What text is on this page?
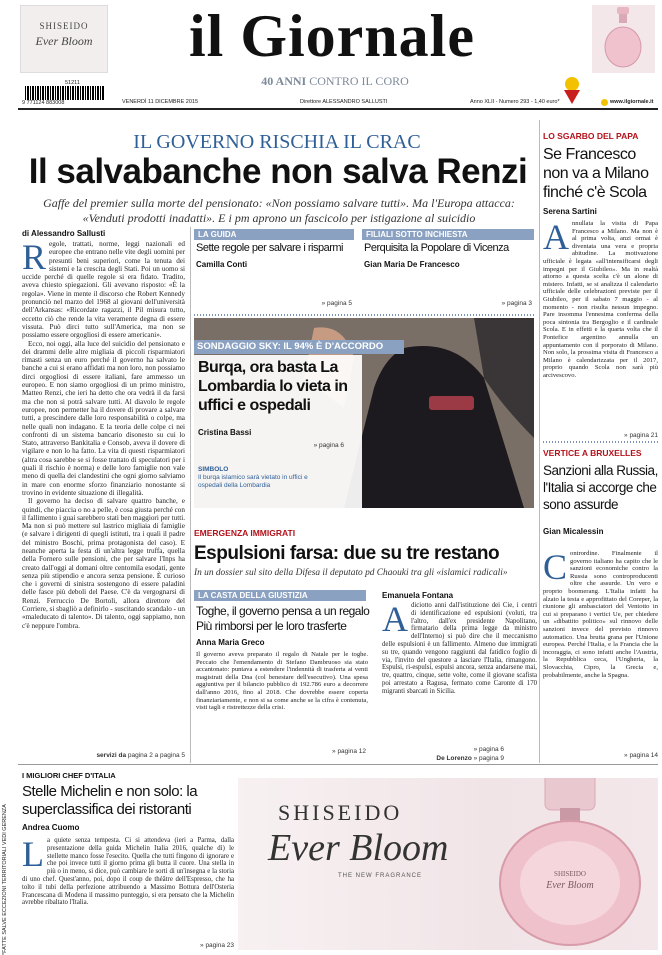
SHISEIDO
Ever Bloom	il Giornale
40 ANNI CONTRO IL CORO
51211
9 771124 883008	VENERDÌ 11 DICEMBRE 2015	Direttore ALESSANDRO SALLUSTI	Anno XLII - Numero 293 - 1,40 euro*	www.ilgiornale.it
IL GOVERNO RISCHIA IL CRAC
Il salvabanche non salva Renzi
Gaffe del premier sulla morte del pensionato: «Non possiamo salvare tutti». Ma l'Europa attacca: «Venduti prodotti inadatti». E i pm aprono un fascicolo per istigazione al suicidio
di Alessandro Sallusti
Regole, trattati, norme, leggi nazionali ed europee che entrano nelle vite degli uomini per presunti beni superiori, come la tenuta dei sistemi e la crescita degli Stati. Poi un uomo si uccide perché di quelle regole si era fidato. Tradito, aveva chiesto spiegazioni. Gli avevano risposto: «È la regola». Viene in mente il discorso che Robert Kennedy pronunciò nel marzo del 1968 al giovani dell'università dell'Arkansas: «Ricordate ragazzi, il Pil misura tutto, eccetto ciò che rende la vita veramente degna di essere vissuta. Può dirci tutto sull'America, ma non se possiamo essere orgogliosi di essere americani».

Ecco, noi oggi, alla luce del suicidio del pensionato e dei drammi delle altre migliaia di piccoli risparmiatori rimasti senza un euro perché il governo ha salvato le banche a cui si erano affidati ma non loro, non possiamo dirci orgogliosi di essere italiani, fare ammesso un europeo. E non siamo orgogliosi di un primo ministro, Matteo Renzi, che ieri ha detto che ora vedrà il da farsi ma che non si potrà salvare tutti. Al diavolo le regole europee, non permetter ha il dovere di provare a salvare tutti, a prescindere dalle loro responsabilità o colpe, ma nelle quali non indagano. E la teoria delle colpe ci nei confronti di un sistema bancario disonesto su cui lo Stato, attraverso Bankitalia e Consob, aveva il dovere di vigilare e non lo ha fatto. La vita di questi risparmiatori (altra cosa sarebbe se si fosse trattato di speculatori per i quali il rischio è norma) e delle loro famiglie non vale meno di quella dei clandestini che ogni giorno salviamo in mare con enorme sforzo finanziario nonostante si trovino in evidente situazione di illegalità.

Il governo ha deciso di salvare quattro banche, e quindi, che piaccia o no a pelle, è cosa giusta perché con il fallimento i guai sarebbero stati ben maggiori per tutti. Ma non si può mettere sul lastrico migliaia di famiglie (e salvare i dirigenti di quegli istituti, tra i quali il padre del ministro Boschi, prima protagonista del caso). E neanche aperta la festa di un'altra legge truffa, quella della Fornero sulle pensioni, che per salvare l'Inps ha creato dall'oggi al domani oltre centomila esodati, gente senza più stipendio e ancora senza pensione. È curioso che i governi di sinistra sostengono di essere paladini delle fasce più deboli del Paese. C'è da vergognarsi di Renzi. Ferruccio De Bortoli, allora direttore del Corriere, si sbagliò a definirlo - suscitando scandalo - un «maleducato di talento». Di talento, oggi sappiamo, non c'è neppure l'ombra.

servizi da pagina 2 a pagina 5
LA GUIDA
Sette regole per salvare i risparmi
Camilla Conti
» pagina 5
FILIALI SOTTO INCHIESTA
Perquisita la Popolare di Vicenza
Gian Maria De Francesco
» pagina 3
SONDAGGIO SKY: IL 94% È D'ACCORDO
Burqa, ora basta La Lombardia lo vieta in uffici e ospedali
Cristina Bassi
» pagina 6
SIMBOLO
Il burqa islamico sarà vietato in uffici e ospedali della Lombardia
EMERGENZA IMMIGRATI
Espulsioni farsa: due su tre restano
In un dossier sul sito della Difesa il deputato pd Chaouki tra gli «islamici radicali»
LA CASTA DELLA GIUSTIZIA
Toghe, il governo pensa a un regalo Più rimborsi per le loro trasferte
Anna Maria Greco
Il governo aveva preparato il regalo di Natale per le toghe. Peccato che l'emendamento di Stefano Dambruoso sia stato accantonato: puntava a estendere l'indennità di trasferta ai venti magistrati della Dna (col benestare dell'esecutivo). Una spesa aggiuntiva per il bilancio pubblico di 192.786 euro a decorrere dall'anno 2016, fino al 2018. Che dovrebbe essere coperta finanziariamente, e non si sa come anche se la cifra è contenuta, visti tagli e ristrettezze della crisi.
» pagina 12
Emanuela Fontana
Adiciotto anni dall'istituzione dei Cie, i centri di identificazione ed espulsioni (voluti, tra l'altro, dall'ex presidente Napolitano, firmatario della prima legge da ministro dell'Interno) si può dire che il meccanismo delle espulsioni è un fallimento. Almeno due immigrati su tre, quando vengono raggiunti dal fatidico foglio di via, l'invito del questore a lasciare l'Italia, rimangono. Espulsi, ri-espulsi, espulsi ancora, senza andarsene mai, tre, quattro, cinque, sette volte, come il giovane scafista poi arrestato a Ragusa, fermato come Caronte di 170 migranti sbarcati in Sicilia.
» pagina 6
De Lorenzo » pagina 9
LO SGARBO DEL PAPA
Se Francesco non va a Milano finché c'è Scola
Serena Sartini
Annullata la visita di Papa Francesco a Milano. Ma non è al prima volta, anzi ormai è diventata una vera e propria abitudine. La motivazione ufficiale è legata «all'intensificarsi degli impegni per il Giubileo». Ma in realtà attorno a questa scelta c'è un alone di mistero. Infatti, se si analizza il calendario ufficiale delle celebrazioni previste per il Giubileo, per il sabato 7 maggio - al momento - non risulta nessun impegno. Pare insomma l'ennesima conferma della poca sintonia tra Bergoglio e il cardinale Scola. E in effetti e la quarta volta che il Pontefice argentino annulla un appuntamento con il porporato di Milano. Non solo, la prossima visita di Francesco a Milano è calendarizzata per il 2017, proprio quando Scola non sarà più arcivescovo.
» pagina 21
VERTICE A BRUXELLES
Sanzioni alla Russia, l'Italia si accorge che sono assurde
Gian Micalessin
Contrordine. Finalmente il governo italiano ha capito che le sanzioni economiche contro la Russia sono controproducenti oltre che assurde. Un vero e proprio boomerang. L'Italia infatti ha alzato la testa e approfittato del Coreper, la riunione gli ambasciatori del Ventotto in cui si preparano i vertici Ue, per chiedere un «dibattito politico» sul rinnovo delle sanzioni invece del previsto rinnovo automatico. Una brutta grana per l'Unione europea. Perché l'Italia, e la Francia che la incoraggia, ci sono infatti anche l'Austria, la Repubblica ceca, l'Ungheria, la Slovacchia, Cipro, la Grecia e, probabilmente, anche la Spagna.
» pagina 14
I MIGLIORI CHEF D'ITALIA
Stelle Michelin e non solo: la superclassifica dei ristoranti
Andrea Cuomo
La quiete senza tempesta. Ci si attendeva (ieri a Parma, dalla presentazione della guida Michelin Italia 2016, qualche dì) le stellette manco fosse l'esecito. Quella che tutti fingono di ignorare e che poi invece tutti il giorno prima gli butta il cuore. Una stella in più o in meno, si dice, può cambiare le sorti di un'insegna e la storia di uno chef. Quest'anno, poi, dopo il coup de théâtre dell'Espresso, che ha tolto il tubi della perfezione attribuendo a Massimo Bottura dell'Osteria Francescana di Modena il massimo punteggio, si era pensato che la Michelin avrebbe ribaltato l'Italia.
» pagina 23
*FATTE SALVE ECCEZIONI TERRITORIALI VEDI GERENZA	SHISEIDO
Ever Bloom
THE NEW FRAGRANCE	SHISEIDO
Ever Bloom
